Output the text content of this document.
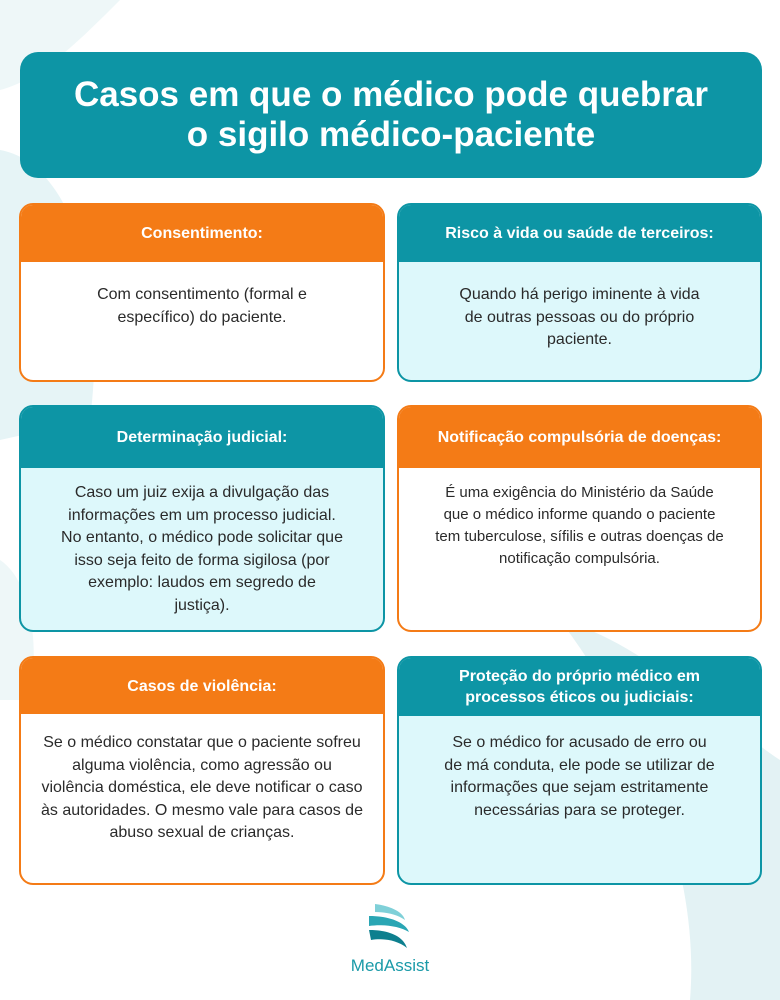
Casos em que o médico pode quebrar o sigilo médico-paciente
Consentimento:
Com consentimento (formal e específico) do paciente.
Risco à vida ou saúde de terceiros:
Quando há perigo iminente à vida de outras pessoas ou do próprio paciente.
Determinação judicial:
Caso um juiz exija a divulgação das informações em um processo judicial. No entanto, o médico pode solicitar que isso seja feito de forma sigilosa (por exemplo: laudos em segredo de justiça).
Notificação compulsória de doenças:
É uma exigência do Ministério da Saúde que o médico informe quando o paciente tem tuberculose, sífilis e outras doenças de notificação compulsória.
Casos de violência:
Se o médico constatar que o paciente sofreu alguma violência, como agressão ou violência doméstica, ele deve notificar o caso às autoridades. O mesmo vale para casos de abuso sexual de crianças.
Proteção do próprio médico em processos éticos ou judiciais:
Se o médico for acusado de erro ou de má conduta, ele pode se utilizar de informações que sejam estritamente necessárias para se proteger.
MedAssist
